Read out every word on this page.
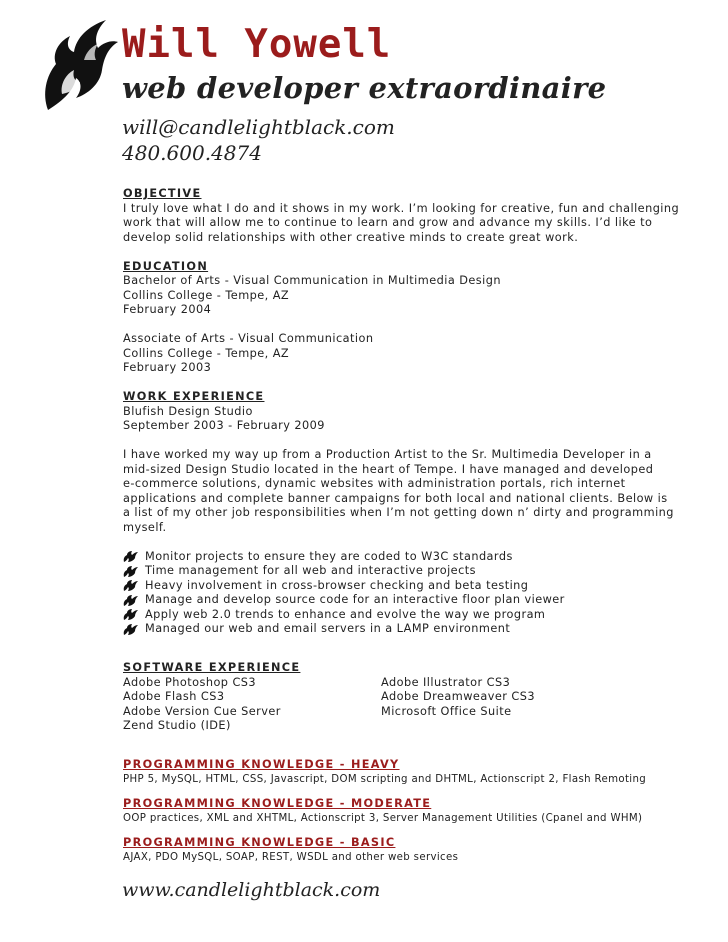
Will Yowell
web developer extraordinaire
will@candlelightblack.com
480.600.4874
OBJECTIVE
I truly love what I do and it shows in my work. I’m looking for creative, fun and challenging
work that will allow me to continue to learn and grow and advance my skills. I’d like to
develop solid relationships with other creative minds to create great work.
EDUCATION
Bachelor of Arts - Visual Communication in Multimedia Design
Collins College - Tempe, AZ
February 2004
Associate of Arts - Visual Communication
Collins College - Tempe, AZ
February 2003
WORK EXPERIENCE
Blufish Design Studio
September 2003 - February 2009
I have worked my way up from a Production Artist to the Sr. Multimedia Developer in a
mid-sized Design Studio located in the heart of Tempe. I have managed and developed
e-commerce solutions, dynamic websites with administration portals, rich internet
applications and complete banner campaigns for both local and national clients. Below is
a list of my other job responsibilities when I’m not getting down n’ dirty and programming
myself.
Monitor projects to ensure they are coded to W3C standards
Time management for all web and interactive projects
Heavy involvement in cross-browser checking and beta testing
Manage and develop source code for an interactive floor plan viewer
Apply web 2.0 trends to enhance and evolve the way we program
Managed our web and email servers in a LAMP environment
SOFTWARE EXPERIENCE
Adobe Photoshop CS3
Adobe Flash CS3
Adobe Version Cue Server
Zend Studio (IDE)
Adobe Illustrator CS3
Adobe Dreamweaver CS3
Microsoft Office Suite
PROGRAMMING KNOWLEDGE - HEAVY
PHP 5, MySQL, HTML, CSS, Javascript, DOM scripting and DHTML, Actionscript 2, Flash Remoting
PROGRAMMING KNOWLEDGE - MODERATE
OOP practices, XML and XHTML, Actionscript 3, Server Management Utilities (Cpanel and WHM)
PROGRAMMING KNOWLEDGE - BASIC
AJAX, PDO MySQL, SOAP, REST, WSDL and other web services
www.candlelightblack.com
